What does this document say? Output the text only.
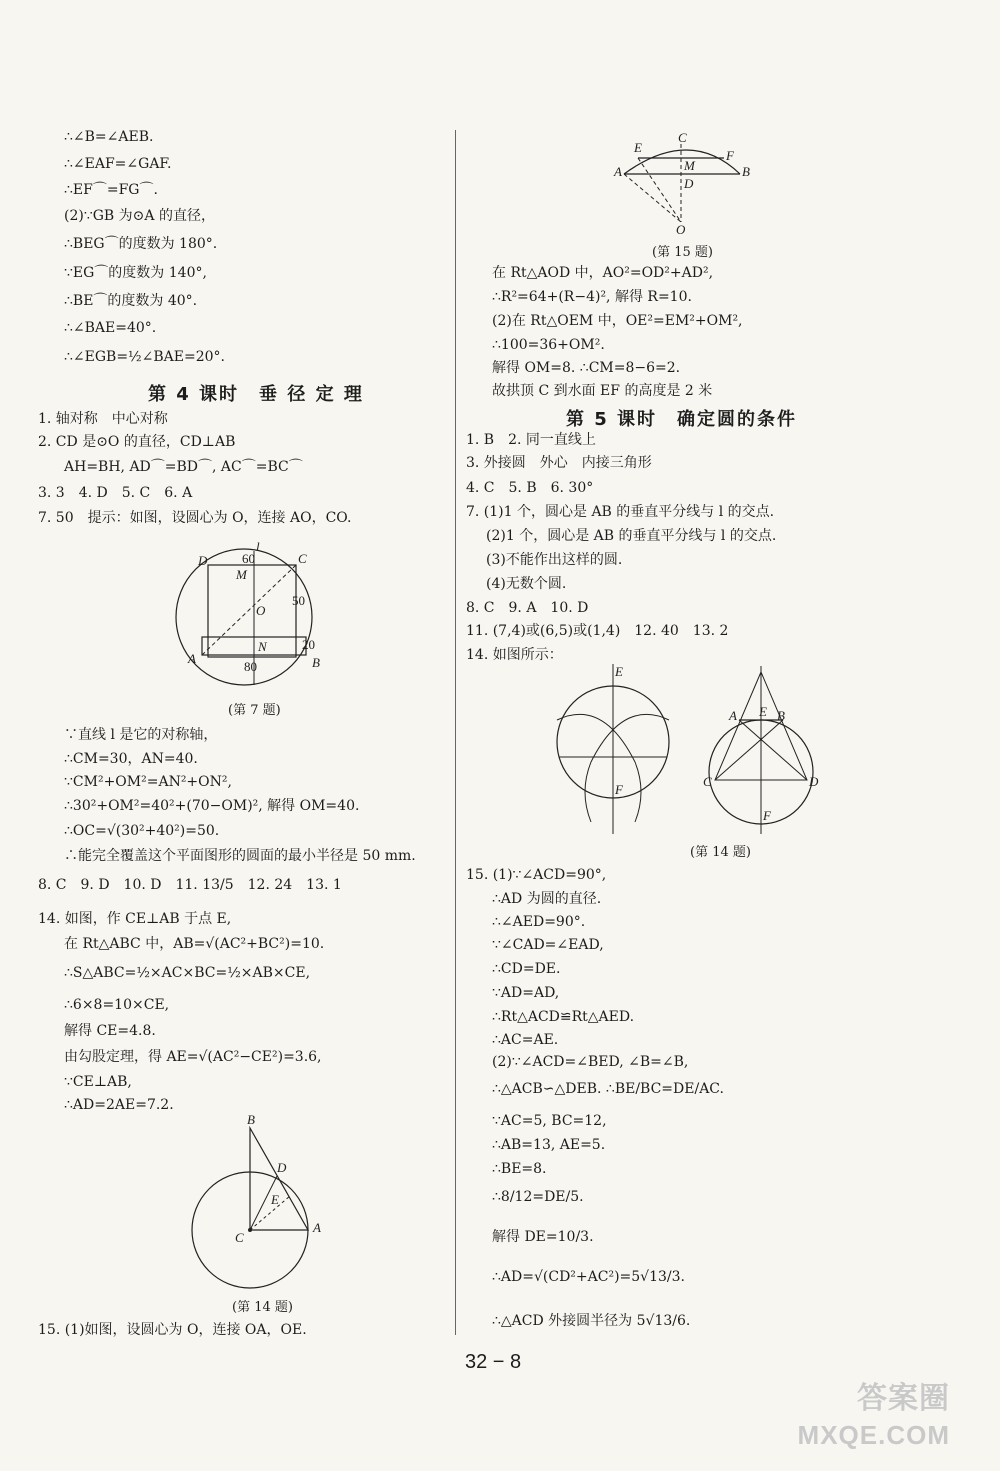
∴∠B=∠AEB.
∴∠EAF=∠GAF.
∴EF⌒=FG⌒.
(2)∵GB 为⊙A 的直径，
∴BEG⌒的度数为 180°.
∵EG⌒的度数为 140°,
∴BE⌒的度数为 40°.
∴∠BAE=40°.
∴∠EGB=½∠BAE=20°.
第 4 课时　垂 径 定 理
1. 轴对称　中心对称
2. CD 是⊙O 的直径，CD⊥AB
AH=BH, AD⌒=BD⌒, AC⌒=BC⌒
3. 3　4. D　5. C　6. A
7. 50　提示：如图，设圆心为 O，连接 AO，CO.
D	C
l
60
M
O
50
N	20
A
80	B
(第 7 题)
∵直线 l 是它的对称轴，
∴CM=30，AN=40.
∵CM²+OM²=AN²+ON²,
∴30²+OM²=40²+(70−OM)², 解得 OM=40.
∴OC=√(30²+40²)=50.
∴能完全覆盖这个平面图形的圆面的最小半径是 50 mm.
8. C　9. D　10. D　11. 13/5　12. 24　13. 1
14. 如图，作 CE⊥AB 于点 E,
在 Rt△ABC 中，AB=√(AC²+BC²)=10.
∴S△ABC=½×AC×BC=½×AB×CE,
∴6×8=10×CE,
解得 CE=4.8.
由勾股定理，得 AE=√(AC²−CE²)=3.6,
∵CE⊥AB,
∴AD=2AE=7.2.
B
D
E
C
A
(第 14 题)
15. (1)如图，设圆心为 O，连接 OA，OE.
E
C
A	M
F
D
B
O
(第 15 题)
在 Rt△AOD 中，AO²=OD²+AD²,
∴R²=64+(R−4)², 解得 R=10.
(2)在 Rt△OEM 中，OE²=EM²+OM²,
∴100=36+OM².
解得 OM=8. ∴CM=8−6=2.
故拱顶 C 到水面 EF 的高度是 2 米
第 5 课时　确定圆的条件
1. B　2. 同一直线上
3. 外接圆　外心　内接三角形
4. C　5. B　6. 30°
7. (1)1 个，圆心是 AB 的垂直平分线与 l 的交点.
(2)1 个，圆心是 AB 的垂直平分线与 l 的交点.
(3)不能作出这样的圆.
(4)无数个圆.
8. C　9. A　10. D
11. (7,4)或(6,5)或(1,4)　12. 40　13. 2
14. 如图所示：
E
F
A E B
C	D
F
(第 14 题)
15. (1)∵∠ACD=90°,
∴AD 为圆的直径.
∴∠AED=90°.
∵∠CAD=∠EAD,
∴CD=DE.
∵AD=AD,
∴Rt△ACD≌Rt△AED.
∴AC=AE.
(2)∵∠ACD=∠BED, ∠B=∠B,
∴△ACB∽△DEB. ∴BE/BC=DE/AC.
∵AC=5, BC=12,
∴AB=13, AE=5.
∴BE=8.
∴8/12=DE/5.
解得 DE=10/3.
∴AD=√(CD²+AC²)=5√13/3.
∴△ACD 外接圆半径为 5√13/6.
32 − 8
答案圈
MXQE.COM
